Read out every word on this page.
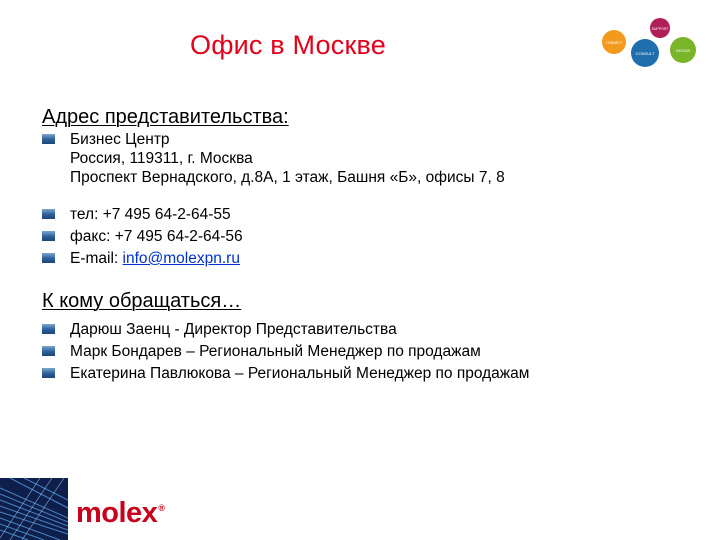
Офис в Москве
SUPPORT
CONNECT
CONSULT	DESIGN
Адрес представительства:
Бизнес Центр
Россия, 119311, г. Москва
Проспект Вернадского, д.8А, 1 этаж, Башня «Б», офисы 7, 8
тел: +7 495 64-2-64-55
факс: +7 495 64-2-64-56
E-mail: info@molexpn.ru
К кому обращаться…
Дарюш Заенц - Директор Представительства
Марк Бондарев – Региональный Менеджер по продажам
Екатерина Павлюкова – Региональный Менеджер по продажам
molex®
